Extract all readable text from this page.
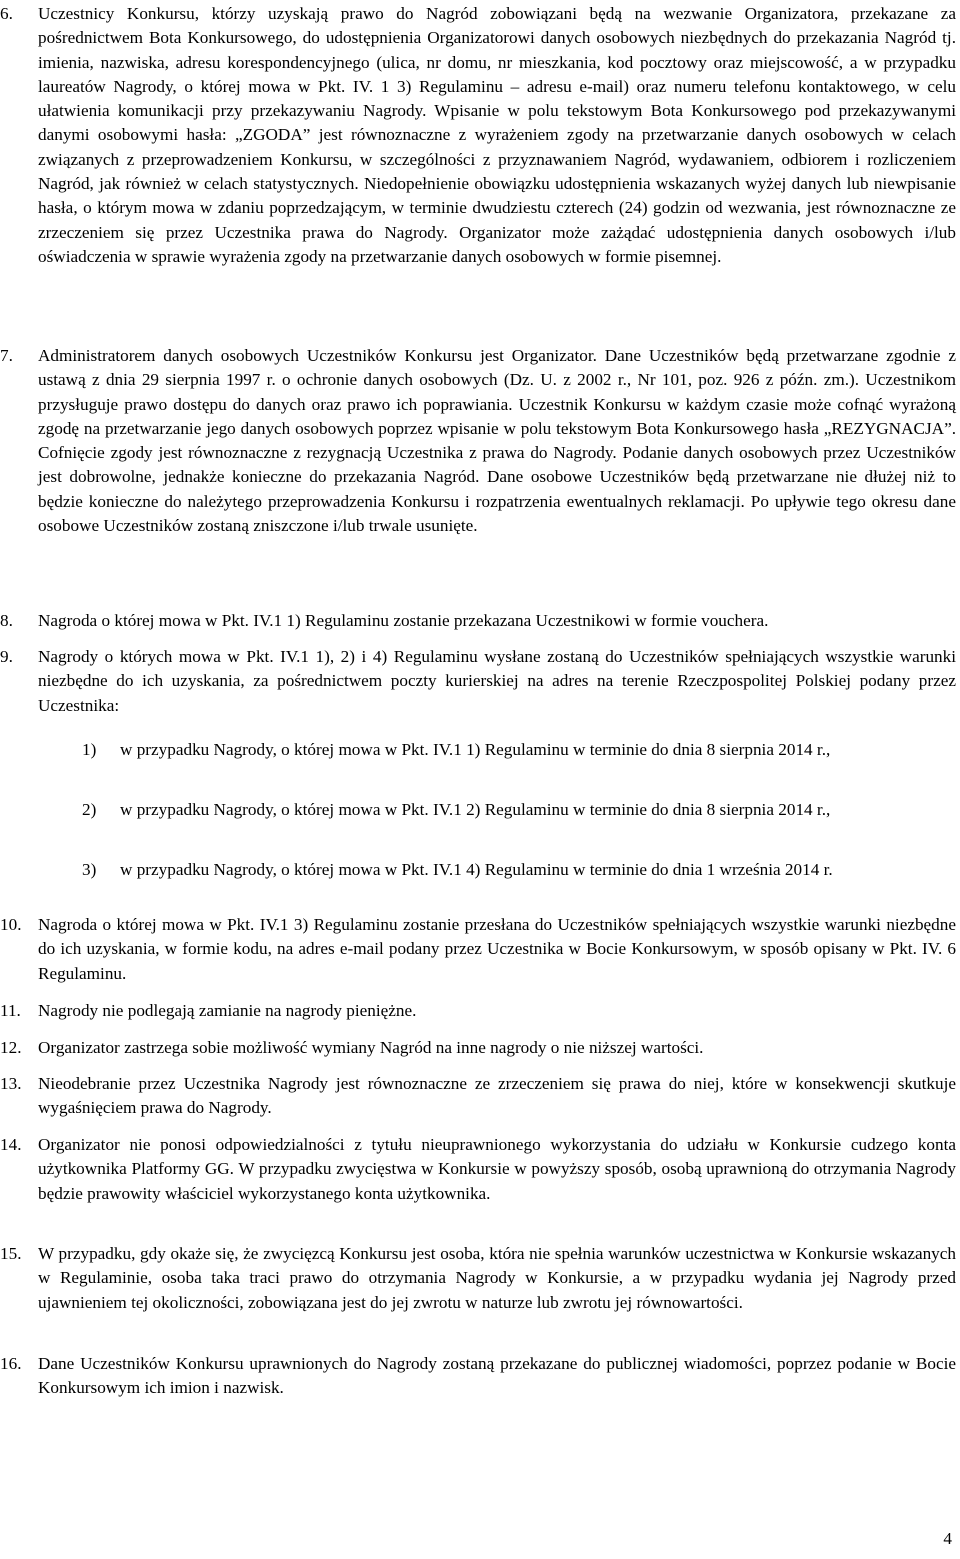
6.	Uczestnicy Konkursu, którzy uzyskają prawo do Nagród zobowiązani będą na wezwanie Organizatora, przekazane za pośrednictwem Bota Konkursowego, do udostępnienia Organizatorowi danych osobowych niezbędnych do przekazania Nagród tj. imienia, nazwiska, adresu korespondencyjnego (ulica, nr domu, nr mieszkania, kod pocztowy oraz miejscowość, a w przypadku laureatów Nagrody, o której mowa w Pkt. IV. 1 3) Regulaminu – adresu e-mail) oraz numeru telefonu kontaktowego, w celu ułatwienia komunikacji przy przekazywaniu Nagrody. Wpisanie w polu tekstowym Bota Konkursowego pod przekazywanymi danymi osobowymi hasła: „ZGODA” jest równoznaczne z wyrażeniem zgody na przetwarzanie danych osobowych w celach związanych z przeprowadzeniem Konkursu, w szczególności z przyznawaniem Nagród, wydawaniem, odbiorem i rozliczeniem Nagród, jak również w celach statystycznych. Niedopełnienie obowiązku udostępnienia wskazanych wyżej danych lub niewpisanie hasła, o którym mowa w zdaniu poprzedzającym, w terminie dwudziestu czterech (24) godzin od wezwania, jest równoznaczne ze zrzeczeniem się przez Uczestnika prawa do Nagrody. Organizator może zażądać udostępnienia danych osobowych i/lub oświadczenia w sprawie wyrażenia zgody na przetwarzanie danych osobowych w formie pisemnej.
7.	Administratorem danych osobowych Uczestników Konkursu jest Organizator. Dane Uczestników będą przetwarzane zgodnie z ustawą z dnia 29 sierpnia 1997 r. o ochronie danych osobowych (Dz. U. z 2002 r., Nr 101, poz. 926 z późn. zm.). Uczestnikom przysługuje prawo dostępu do danych oraz prawo ich poprawiania. Uczestnik Konkursu w każdym czasie może cofnąć wyrażoną zgodę na przetwarzanie jego danych osobowych poprzez wpisanie w polu tekstowym Bota Konkursowego hasła „REZYGNACJA”. Cofnięcie zgody jest równoznaczne z rezygnacją Uczestnika z prawa do Nagrody. Podanie danych osobowych przez Uczestników jest dobrowolne, jednakże konieczne do przekazania Nagród. Dane osobowe Uczestników będą przetwarzane nie dłużej niż to będzie konieczne do należytego przeprowadzenia Konkursu i rozpatrzenia ewentualnych reklamacji. Po upływie tego okresu dane osobowe Uczestników zostaną zniszczone i/lub trwale usunięte.
8.	Nagroda o której mowa w Pkt. IV.1 1) Regulaminu zostanie przekazana Uczestnikowi w formie vouchera.
9.	Nagrody o których mowa w Pkt. IV.1 1), 2) i 4) Regulaminu wysłane zostaną do Uczestników spełniających wszystkie warunki niezbędne do ich uzyskania, za pośrednictwem poczty kurierskiej na adres na terenie Rzeczpospolitej Polskiej podany przez Uczestnika:
1)	w przypadku Nagrody, o której mowa w Pkt. IV.1 1) Regulaminu w terminie do dnia 8 sierpnia 2014 r.,
2)	w przypadku Nagrody, o której mowa w Pkt. IV.1 2) Regulaminu w terminie do dnia 8 sierpnia 2014 r.,
3)	w przypadku Nagrody, o której mowa w Pkt. IV.1 4) Regulaminu w terminie do dnia 1 września 2014 r.
10. Nagroda o której mowa w Pkt. IV.1 3) Regulaminu zostanie przesłana do Uczestników spełniających wszystkie warunki niezbędne do ich uzyskania, w formie kodu, na adres e-mail podany przez Uczestnika w Bocie Konkursowym, w sposób opisany w Pkt. IV. 6 Regulaminu.
11. Nagrody nie podlegają zamianie na nagrody pieniężne.
12. Organizator zastrzega sobie możliwość wymiany Nagród na inne nagrody o nie niższej wartości.
13. Nieodebranie przez Uczestnika Nagrody jest równoznaczne ze zrzeczeniem się prawa do niej, które w konsekwencji skutkuje wygaśnięciem prawa do Nagrody.
14. Organizator nie ponosi odpowiedzialności z tytułu nieuprawnionego wykorzystania do udziału w Konkursie cudzego konta użytkownika Platformy GG. W przypadku zwycięstwa w Konkursie w powyższy sposób, osobą uprawnioną do otrzymania Nagrody będzie prawowity właściciel wykorzystanego konta użytkownika.
15. W przypadku, gdy okaże się, że zwycięzcą Konkursu jest osoba, która nie spełnia warunków uczestnictwa w Konkursie wskazanych w Regulaminie, osoba taka traci prawo do otrzymania Nagrody w Konkursie, a w przypadku wydania jej Nagrody przed ujawnieniem tej okoliczności, zobowiązana jest do jej zwrotu w naturze lub zwrotu jej równowartości.
16. Dane Uczestników Konkursu uprawnionych do Nagrody zostaną przekazane do publicznej wiadomości, poprzez podanie w Bocie Konkursowym ich imion i nazwisk.
4
